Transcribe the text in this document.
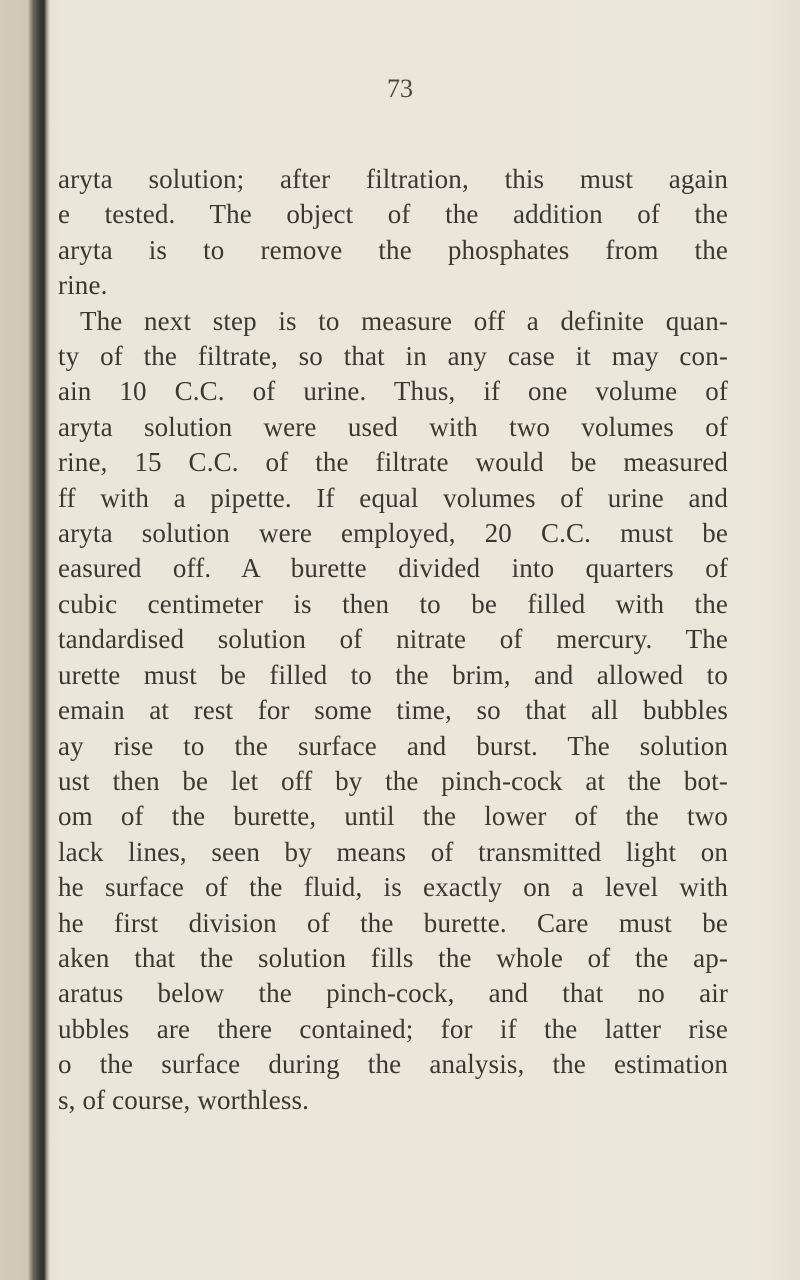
73
aryta solution; after filtration, this must again
e tested. The object of the addition of the
aryta is to remove the phosphates from the
rine.
The next step is to measure off a definite quan-
ty of the filtrate, so that in any case it may con-
ain 10 C.C. of urine. Thus, if one volume of
aryta solution were used with two volumes of
rine, 15 C.C. of the filtrate would be measured
ff with a pipette. If equal volumes of urine and
aryta solution were employed, 20 C.C. must be
easured off. A burette divided into quarters of
cubic centimeter is then to be filled with the
tandardised solution of nitrate of mercury. The
urette must be filled to the brim, and allowed to
emain at rest for some time, so that all bubbles
ay rise to the surface and burst. The solution
ust then be let off by the pinch-cock at the bot-
om of the burette, until the lower of the two
lack lines, seen by means of transmitted light on
he surface of the fluid, is exactly on a level with
he first division of the burette. Care must be
aken that the solution fills the whole of the ap-
aratus below the pinch-cock, and that no air
ubbles are there contained; for if the latter rise
o the surface during the analysis, the estimation
s, of course, worthless.
